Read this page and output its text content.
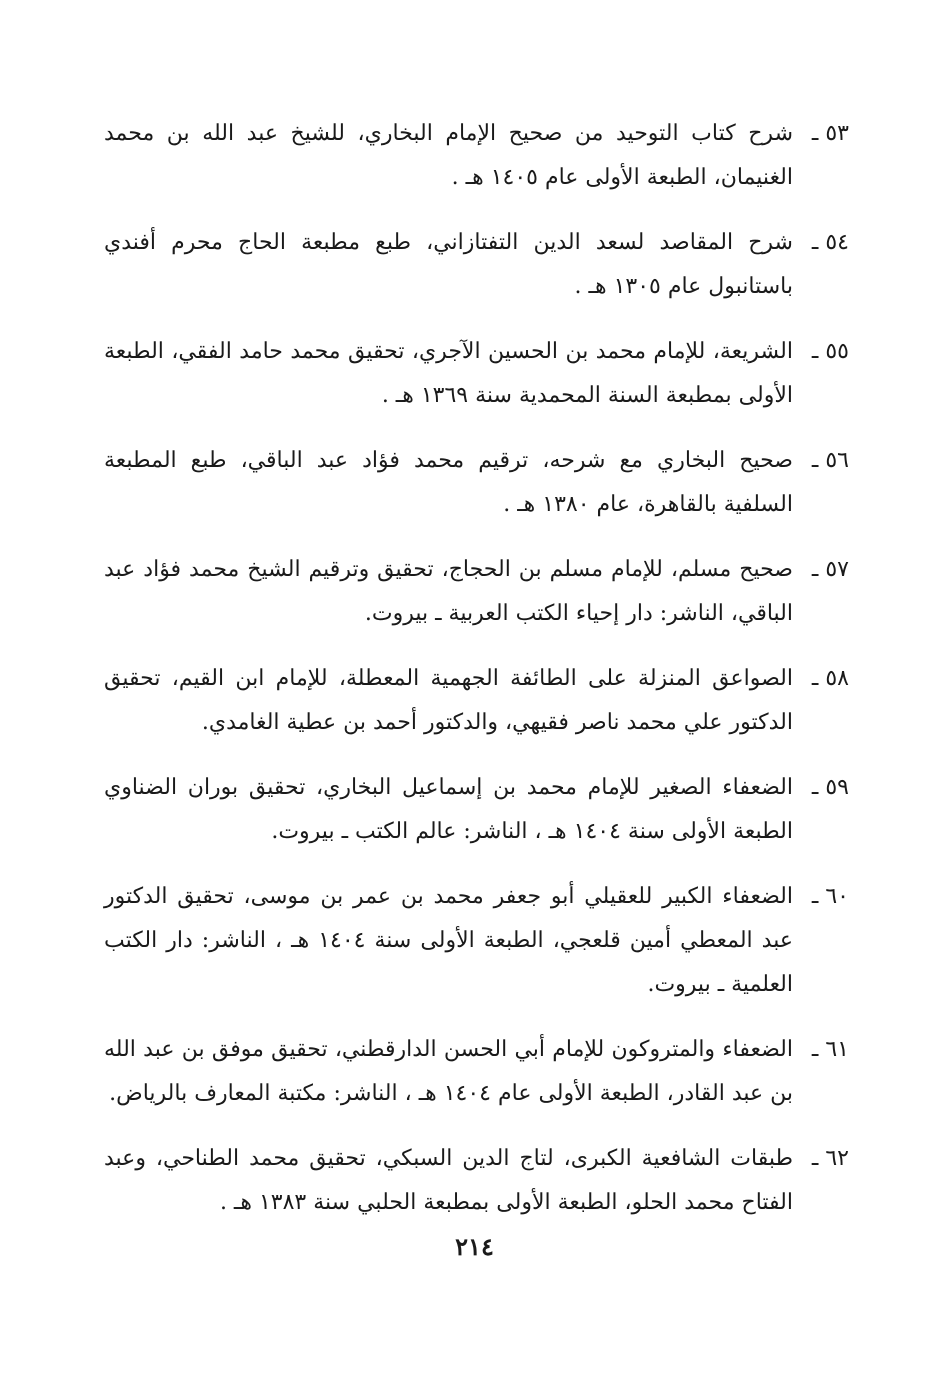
٥٣ ـ
شرح كتاب التوحيد من صحيح الإمام البخاري، للشيخ عبد الله بن محمد الغنيمان، الطبعة الأولى عام ١٤٠٥ هـ .
٥٤ ـ
شرح المقاصد لسعد الدين التفتازاني، طبع مطبعة الحاج محرم أفندي باستانبول عام ١٣٠٥ هـ .
٥٥ ـ
الشريعة، للإمام محمد بن الحسين الآجري، تحقيق محمد حامد الفقي، الطبعة الأولى بمطبعة السنة المحمدية سنة ١٣٦٩ هـ .
٥٦ ـ
صحيح البخاري مع شرحه، ترقيم محمد فؤاد عبد الباقي، طبع المطبعة السلفية بالقاهرة، عام ١٣٨٠ هـ .
٥٧ ـ
صحيح مسلم، للإمام مسلم بن الحجاج، تحقيق وترقيم الشيخ محمد فؤاد عبد الباقي، الناشر: دار إحياء الكتب العربية ـ بيروت.
٥٨ ـ
الصواعق المنزلة على الطائفة الجهمية المعطلة، للإمام ابن القيم، تحقيق الدكتور علي محمد ناصر فقيهي، والدكتور أحمد بن عطية الغامدي.
٥٩ ـ
الضعفاء الصغير للإمام محمد بن إسماعيل البخاري، تحقيق بوران الضناوي الطبعة الأولى سنة ١٤٠٤ هـ ، الناشر: عالم الكتب ـ بيروت.
٦٠ ـ
الضعفاء الكبير للعقيلي أبو جعفر محمد بن عمر بن موسى، تحقيق الدكتور عبد المعطي أمين قلعجي، الطبعة الأولى سنة ١٤٠٤ هـ ، الناشر: دار الكتب العلمية ـ بيروت.
٦١ ـ
الضعفاء والمتروكون للإمام أبي الحسن الدارقطني، تحقيق موفق بن عبد الله بن عبد القادر، الطبعة الأولى عام ١٤٠٤ هـ ، الناشر: مكتبة المعارف بالرياض.
٦٢ ـ
طبقات الشافعية الكبرى، لتاج الدين السبكي، تحقيق محمد الطناحي، وعبد الفتاح محمد الحلو، الطبعة الأولى بمطبعة الحلبي سنة ١٣٨٣ هـ .
٢١٤
